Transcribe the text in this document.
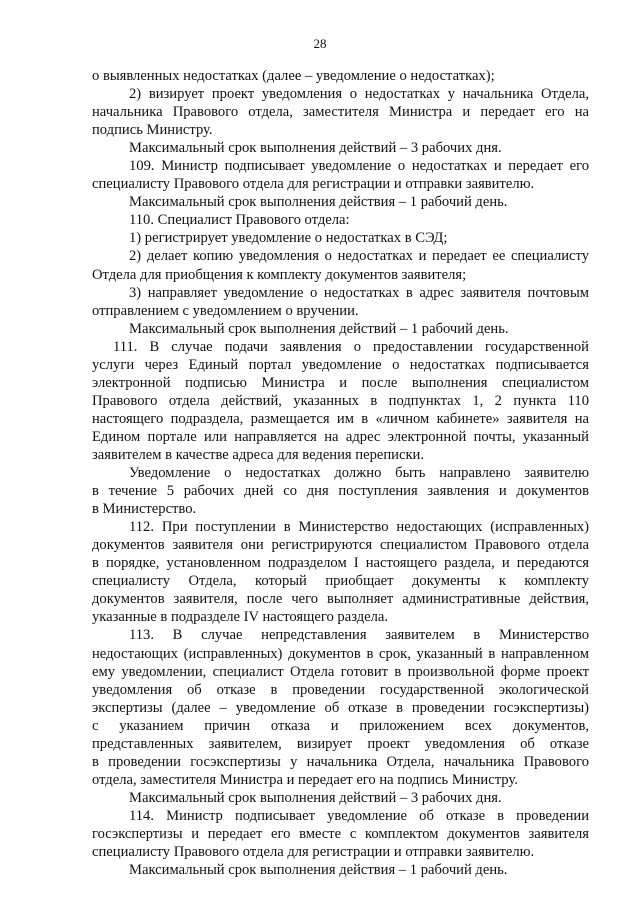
28
о выявленных недостатках (далее – уведомление о недостатках);
2) визирует проект уведомления о недостатках у начальника Отдела,
начальника Правового отдела, заместителя Министра и передает его на
подпись Министру.
Максимальный срок выполнения действий – 3 рабочих дня.
109. Министр подписывает уведомление о недостатках и передает его
специалисту Правового отдела для регистрации и отправки заявителю.
Максимальный срок выполнения действия – 1 рабочий день.
110. Специалист Правового отдела:
1) регистрирует уведомление о недостатках в СЭД;
2) делает копию уведомления о недостатках и передает ее специалисту
Отдела для приобщения к комплекту документов заявителя;
3) направляет уведомление о недостатках в адрес заявителя почтовым
отправлением с уведомлением о вручении.
Максимальный срок выполнения действий – 1 рабочий день.
111. В случае подачи заявления о предоставлении государственной
услуги через Единый портал уведомление о недостатках подписывается
электронной подписью Министра и после выполнения специалистом
Правового отдела действий, указанных в подпунктах 1, 2 пункта 110
настоящего подраздела, размещается им в «личном кабинете» заявителя на
Едином портале или направляется на адрес электронной почты, указанный
заявителем в качестве адреса для ведения переписки.
Уведомление о недостатках должно быть направлено заявителю
в течение 5 рабочих дней со дня поступления заявления и документов
в Министерство.
112. При поступлении в Министерство недостающих (исправленных)
документов заявителя они регистрируются специалистом Правового отдела
в порядке, установленном подразделом I настоящего раздела, и передаются
специалисту Отдела, который приобщает документы к комплекту
документов заявителя, после чего выполняет административные действия,
указанные в подразделе IV настоящего раздела.
113. В случае непредставления заявителем в Министерство
недостающих (исправленных) документов в срок, указанный в направленном
ему уведомлении, специалист Отдела готовит в произвольной форме проект
уведомления об отказе в проведении государственной экологической
экспертизы (далее – уведомление об отказе в проведении госэкспертизы)
с указанием причин отказа и приложением всех документов,
представленных заявителем, визирует проект уведомления об отказе
в проведении госэкспертизы у начальника Отдела, начальника Правового
отдела, заместителя Министра и передает его на подпись Министру.
Максимальный срок выполнения действий – 3 рабочих дня.
114. Министр подписывает уведомление об отказе в проведении
госэкспертизы и передает его вместе с комплектом документов заявителя
специалисту Правового отдела для регистрации и отправки заявителю.
Максимальный срок выполнения действия – 1 рабочий день.
